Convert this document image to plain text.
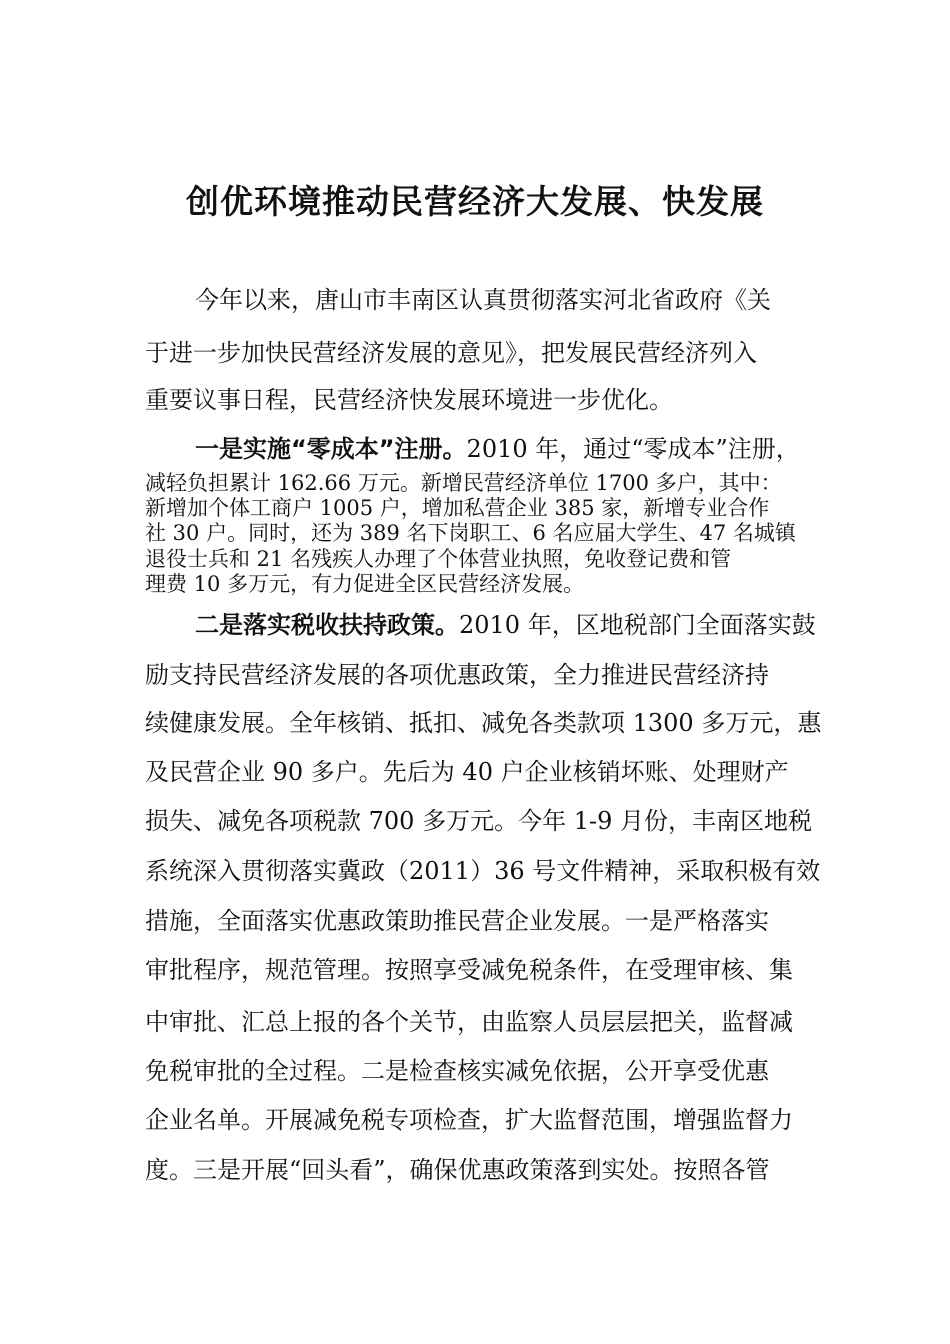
创优环境推动民营经济大发展、快发展
今年以来，唐山市丰南区认真贯彻落实河北省政府《关
于进一步加快民营经济发展的意见》，把发展民营经济列入
重要议事日程，民营经济快发展环境进一步优化。
一是实施“零成本”注册。2010 年，通过“零成本”注册，
减轻负担累计 162.66 万元。新增民营经济单位 1700 多户，其中：
新增加个体工商户 1005 户，增加私营企业 385 家，新增专业合作
社 30 户。同时，还为 389 名下岗职工、6 名应届大学生、47 名城镇
退役士兵和 21 名残疾人办理了个体营业执照，免收登记费和管
理费 10 多万元，有力促进全区民营经济发展。
二是落实税收扶持政策。2010 年，区地税部门全面落实鼓
励支持民营经济发展的各项优惠政策，全力推进民营经济持
续健康发展。全年核销、抵扣、减免各类款项 1300 多万元，惠
及民营企业 90 多户。先后为 40 户企业核销坏账、处理财产
损失、减免各项税款 700 多万元。今年 1-9 月份，丰南区地税
系统深入贯彻落实冀政（2011）36 号文件精神，采取积极有效
措施，全面落实优惠政策助推民营企业发展。一是严格落实
审批程序，规范管理。按照享受减免税条件，在受理审核、集
中审批、汇总上报的各个关节，由监察人员层层把关，监督减
免税审批的全过程。二是检查核实减免依据，公开享受优惠
企业名单。开展减免税专项检查，扩大监督范围，增强监督力
度。三是开展“回头看”，确保优惠政策落到实处。按照各管
